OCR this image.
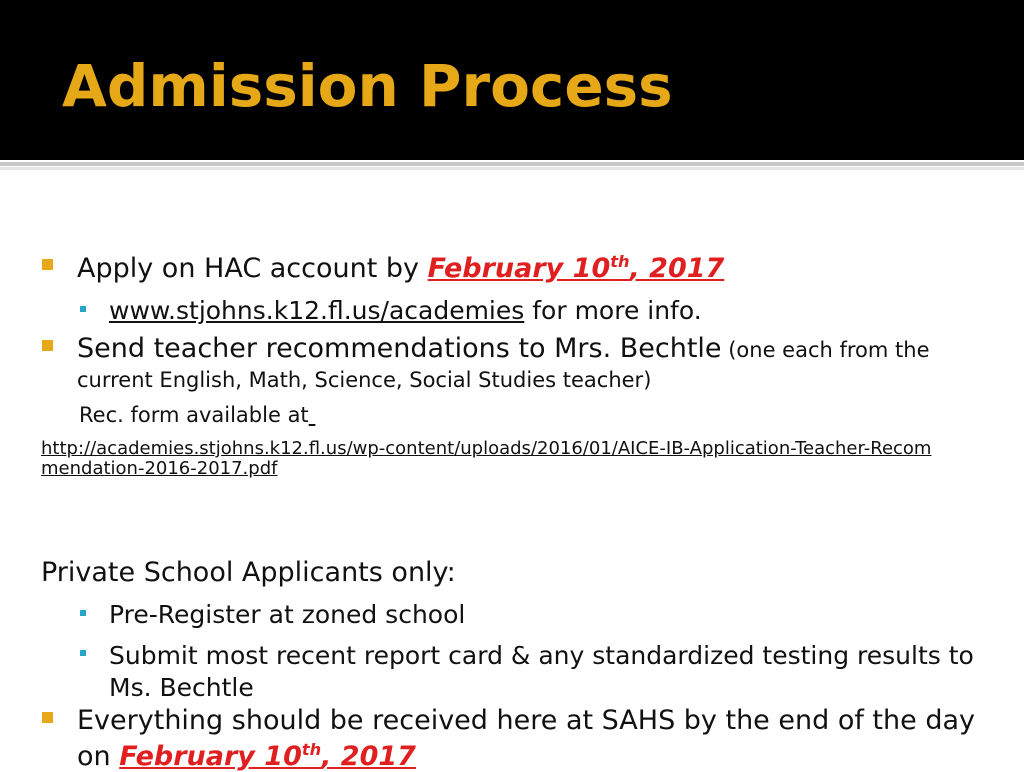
Admission Process
Apply on HAC account by February 10th, 2017
www.stjohns.k12.fl.us/academies for more info.
Send teacher recommendations to Mrs. Bechtle (one each from the
current English, Math, Science, Social Studies teacher)
Rec. form available at
http://academies.stjohns.k12.fl.us/wp-content/uploads/2016/01/AICE-IB-Application-Teacher-Recom
mendation-2016-2017.pdf
Private School Applicants only:
Pre-Register at zoned school
Submit most recent report card & any standardized testing results to
Ms. Bechtle
Everything should be received here at SAHS by the end of the day
on February 10th, 2017
